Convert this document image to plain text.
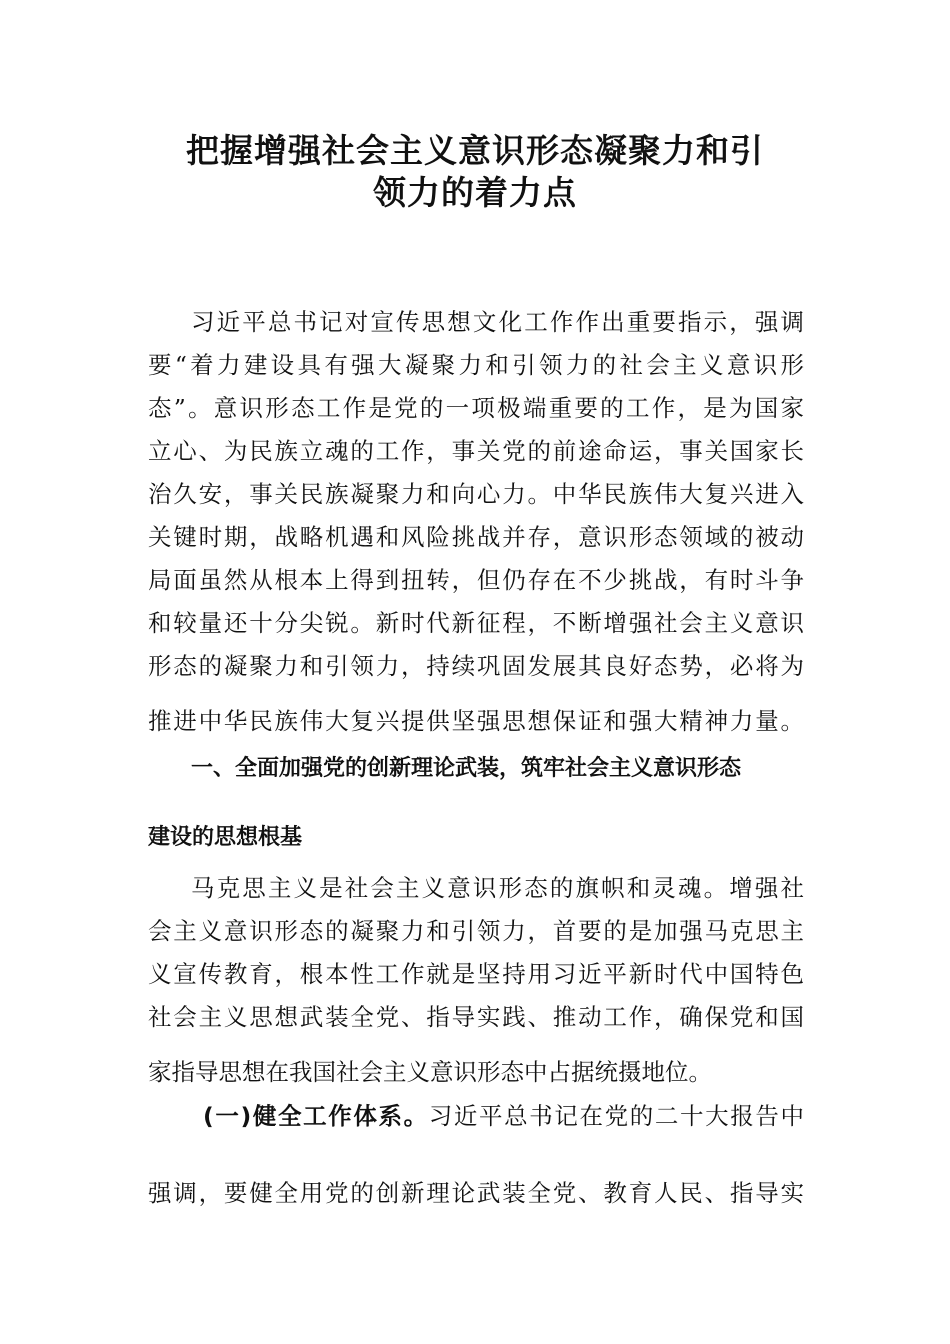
把握增强社会主义意识形态凝聚力和引
领力的着力点
习近平总书记对宣传思想文化工作作出重要指示，强调
要“着力建设具有强大凝聚力和引领力的社会主义意识形
态”。意识形态工作是党的一项极端重要的工作，是为国家
立心、为民族立魂的工作，事关党的前途命运，事关国家长
治久安，事关民族凝聚力和向心力。中华民族伟大复兴进入
关键时期，战略机遇和风险挑战并存，意识形态领域的被动
局面虽然从根本上得到扭转，但仍存在不少挑战，有时斗争
和较量还十分尖锐。新时代新征程，不断增强社会主义意识
形态的凝聚力和引领力，持续巩固发展其良好态势，必将为
推进中华民族伟大复兴提供坚强思想保证和强大精神力量。
一、全面加强党的创新理论武装，筑牢社会主义意识形态
建设的思想根基
马克思主义是社会主义意识形态的旗帜和灵魂。增强社
会主义意识形态的凝聚力和引领力，首要的是加强马克思主
义宣传教育，根本性工作就是坚持用习近平新时代中国特色
社会主义思想武装全党、指导实践、推动工作，确保党和国
家指导思想在我国社会主义意识形态中占据统摄地位。
(一)健全工作体系。习近平总书记在党的二十大报告中
强调，要健全用党的创新理论武装全党、教育人民、指导实
